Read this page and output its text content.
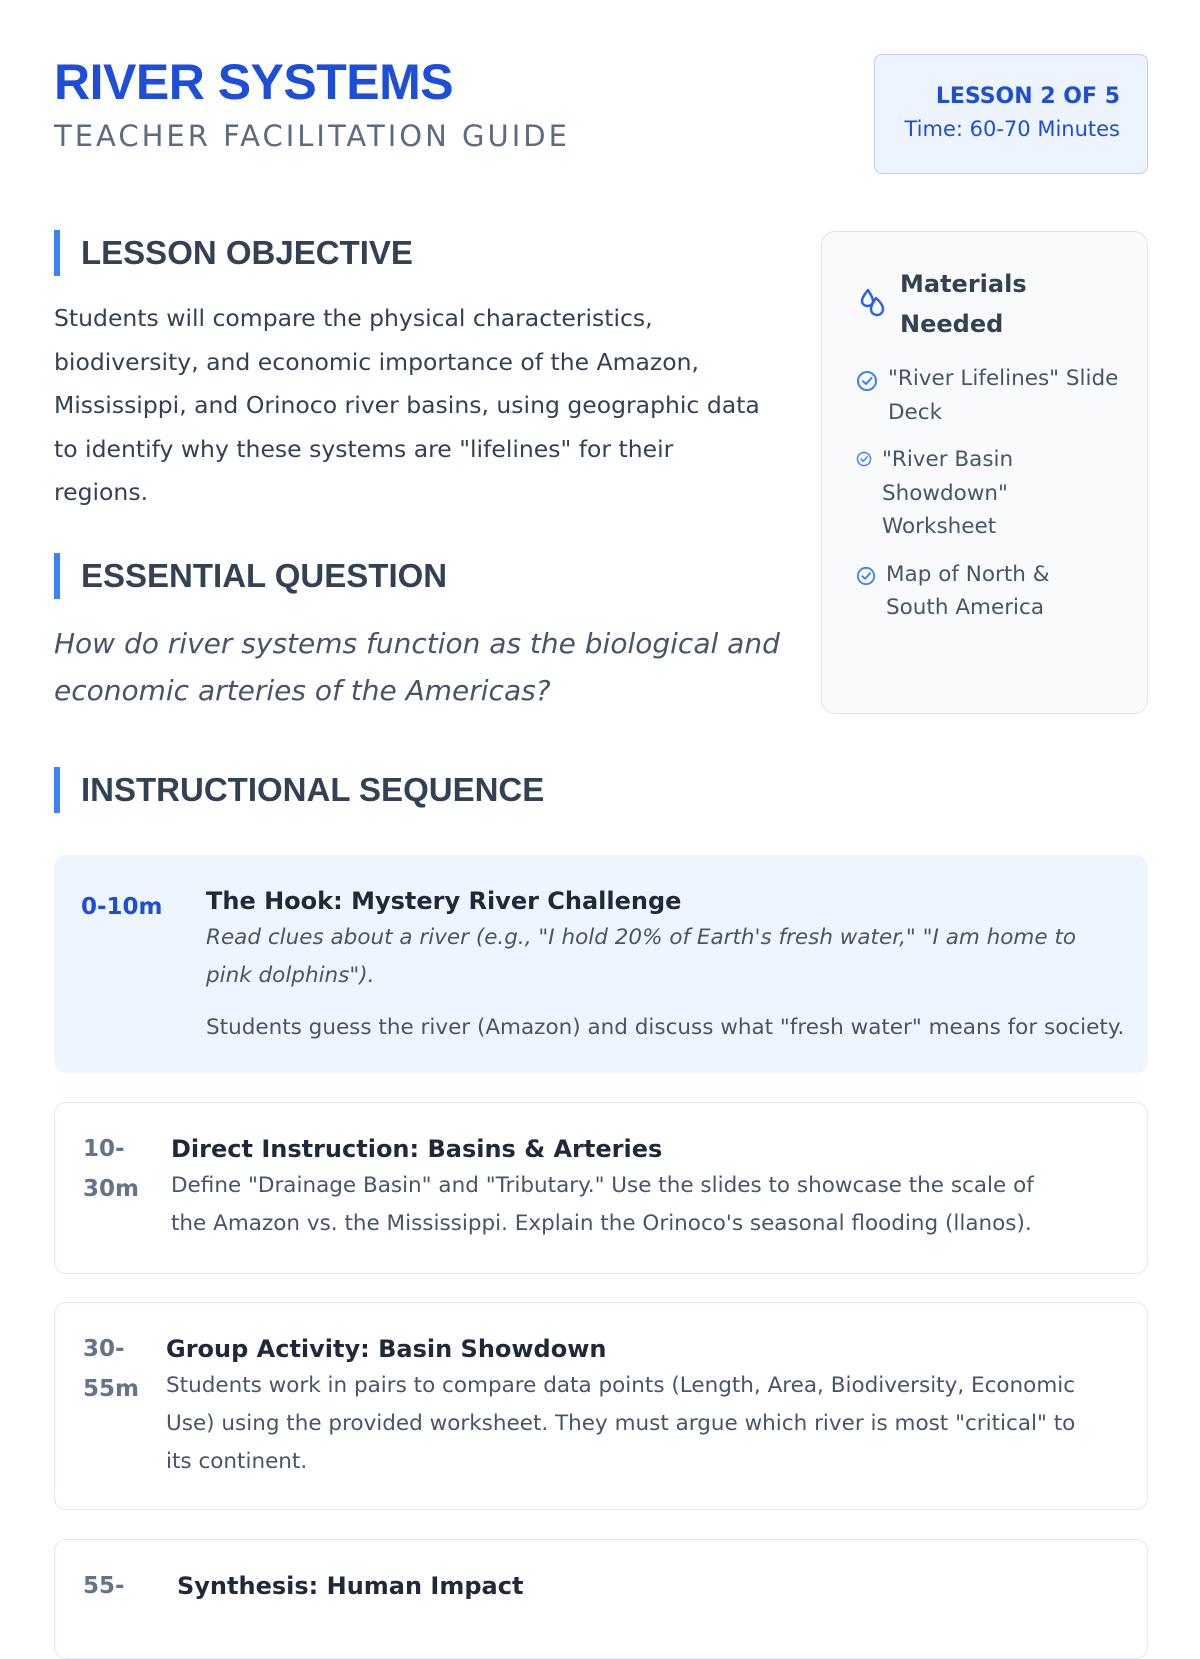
RIVER SYSTEMS
TEACHER FACILITATION GUIDE
LESSON 2 OF 5
Time: 60-70 Minutes
LESSON OBJECTIVE

Students will compare the physical characteristics, biodiversity, and economic importance of the Amazon, Mississippi, and Orinoco river basins, using geographic data to identify why these systems are "lifelines" for their regions.

ESSENTIAL QUESTION

How do river systems function as the biological and economic arteries of the Americas?

Materials Needed
"River Lifelines" Slide Deck
"River Basin Showdown" Worksheet
Map of North & South America
INSTRUCTIONAL SEQUENCE
0-10m The Hook: Mystery River Challenge

Read clues about a river (e.g., "I hold 20% of Earth's fresh water," "I am home to pink dolphins").

Students guess the river (Amazon) and discuss what "fresh water" means for society.

10-30m
Direct Instruction: Basins & Arteries

Define "Drainage Basin" and "Tributary." Use the slides to showcase the scale of the Amazon vs. the Mississippi. Explain the Orinoco's seasonal flooding (llanos).

30-55m
Group Activity: Basin Showdown

Students work in pairs to compare data points (Length, Area, Biodiversity, Economic Use) using the provided worksheet. They must argue which river is most "critical" to its continent.

55-	Synthesis: Human Impact
